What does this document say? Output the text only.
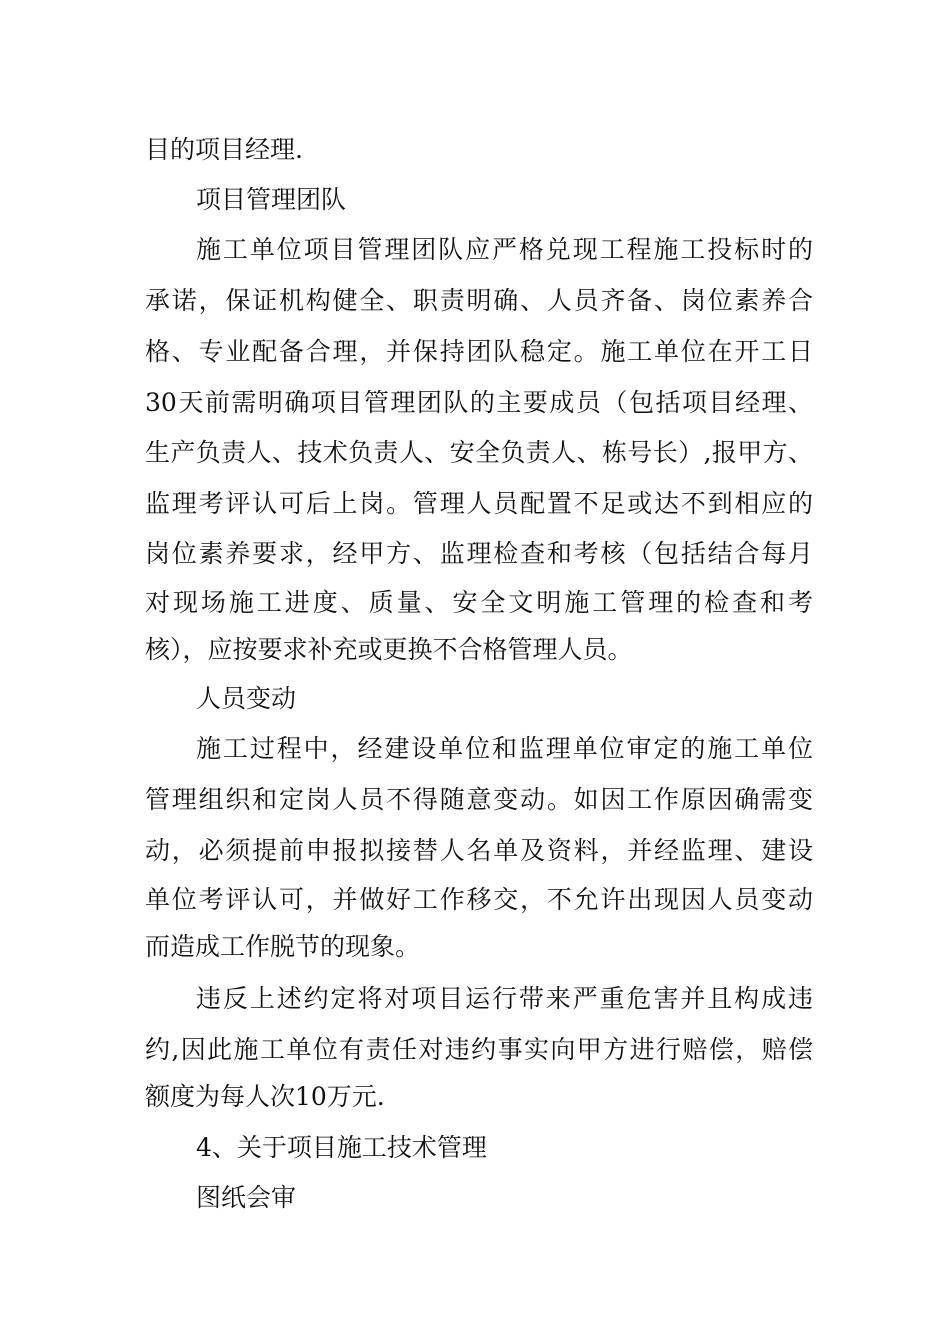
目的项目经理.

项目管理团队

施工单位项目管理团队应严格兑现工程施工投标时的

承诺，保证机构健全、职责明确、人员齐备、岗位素养合

格、专业配备合理，并保持团队稳定。施工单位在开工日

30天前需明确项目管理团队的主要成员（包括项目经理、

生产负责人、技术负责人、安全负责人、栋号长）,报甲方、

监理考评认可后上岗。管理人员配置不足或达不到相应的

岗位素养要求，经甲方、监理检查和考核（包括结合每月

对现场施工进度、质量、安全文明施工管理的检查和考

核），应按要求补充或更换不合格管理人员。

人员变动

施工过程中，经建设单位和监理单位审定的施工单位

管理组织和定岗人员不得随意变动。如因工作原因确需变

动，必须提前申报拟接替人名单及资料，并经监理、建设

单位考评认可，并做好工作移交，不允许出现因人员变动

而造成工作脱节的现象。

违反上述约定将对项目运行带来严重危害并且构成违

约,因此施工单位有责任对违约事实向甲方进行赔偿，赔偿

额度为每人次10万元.

4、关于项目施工技术管理

图纸会审
